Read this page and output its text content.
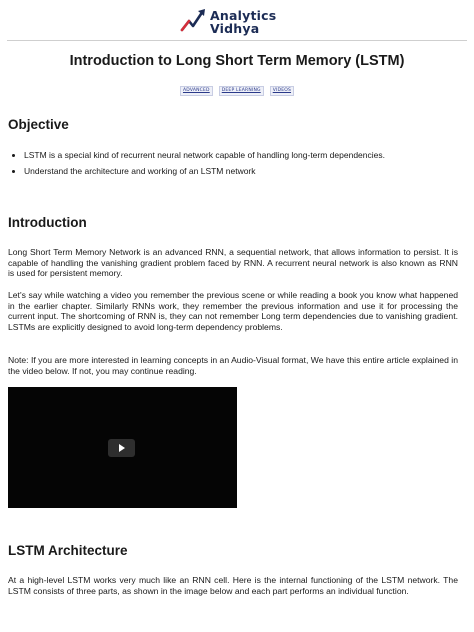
Analytics
Vidhya
Introduction to Long Short Term Memory (LSTM)
ADVANCED	DEEP LEARNING	VIDEOS
Objective
• LSTM is a special kind of recurrent neural network capable of handling long-term dependencies.
• Understand the architecture and working of an LSTM network
Introduction

Long Short Term Memory Network is an advanced RNN, a sequential network, that allows information to persist. It is capable of handling the vanishing gradient problem faced by RNN. A recurrent neural network is also known as RNN is used for persistent memory.

Let's say while watching a video you remember the previous scene or while reading a book you know what happened in the earlier chapter. Similarly RNNs work, they remember the previous information and use it for processing the current input. The shortcoming of RNN is, they can not remember Long term dependencies due to vanishing gradient. LSTMs are explicitly designed to avoid long-term dependency problems.

Note: If you are more interested in learning concepts in an Audio-Visual format, We have this entire article explained in the video below. If not, you may continue reading.

LSTM Architecture

At a high-level LSTM works very much like an RNN cell. Here is the internal functioning of the LSTM network. The LSTM consists of three parts, as shown in the image below and each part performs an individual function.
